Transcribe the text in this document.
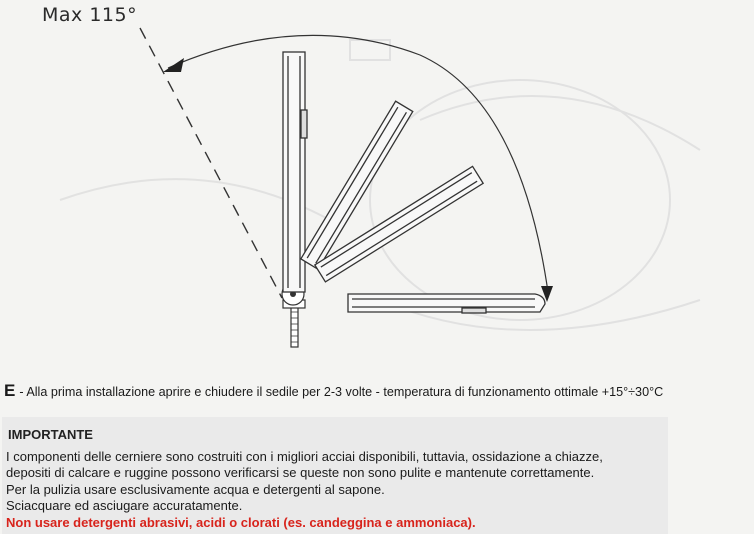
Max 115°
E - Alla prima installazione aprire e chiudere il sedile per 2-3 volte - temperatura di funzionamento ottimale +15°÷30°C
IMPORTANTE
I componenti delle cerniere sono costruiti con i migliori acciai disponibili, tuttavia, ossidazione a chiazze,
depositi di calcare e ruggine possono verificarsi se queste non sono pulite e mantenute correttamente.
Per la pulizia usare esclusivamente acqua e detergenti al sapone.
Sciacquare ed asciugare accuratamente.
Non usare detergenti abrasivi, acidi o clorati (es. candeggina e ammoniaca).
